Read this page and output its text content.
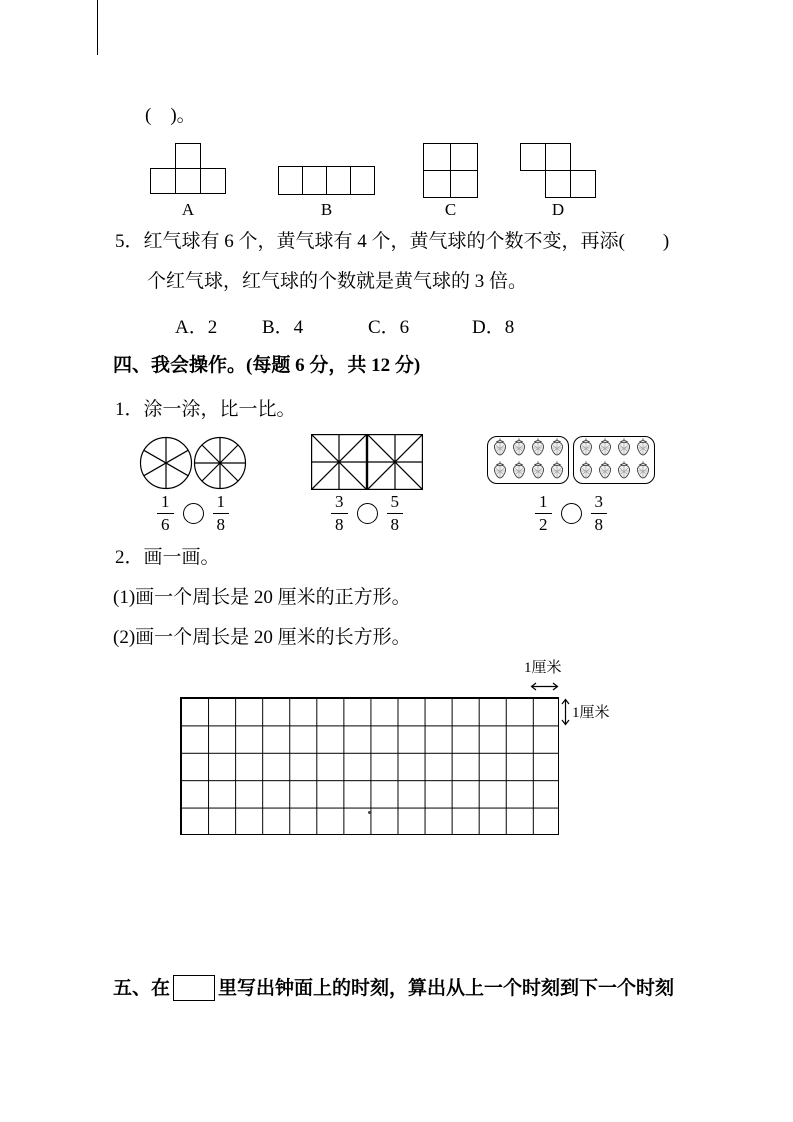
(　)。
A	B	C	D
5．红气球有 6 个，黄气球有 4 个，黄气球的个数不变，再添(　　)
个红气球，红气球的个数就是黄气球的 3 倍。
A．2 B．4	C．6	D．8
四、我会操作。(每题 6 分，共 12 分)
1．涂一涂，比一比。
$\frac{1}{6} \frac{1}{8}$	$\frac{3}{8} \frac{5}{8}$	$\frac{1}{2} \frac{3}{8}$
2．画一画。
(1)画一个周长是 20 厘米的正方形。
(2)画一个周长是 20 厘米的长方形。
1厘米
1厘米
五、在	里写出钟面上的时刻，算出从上一个时刻到下一个时刻
